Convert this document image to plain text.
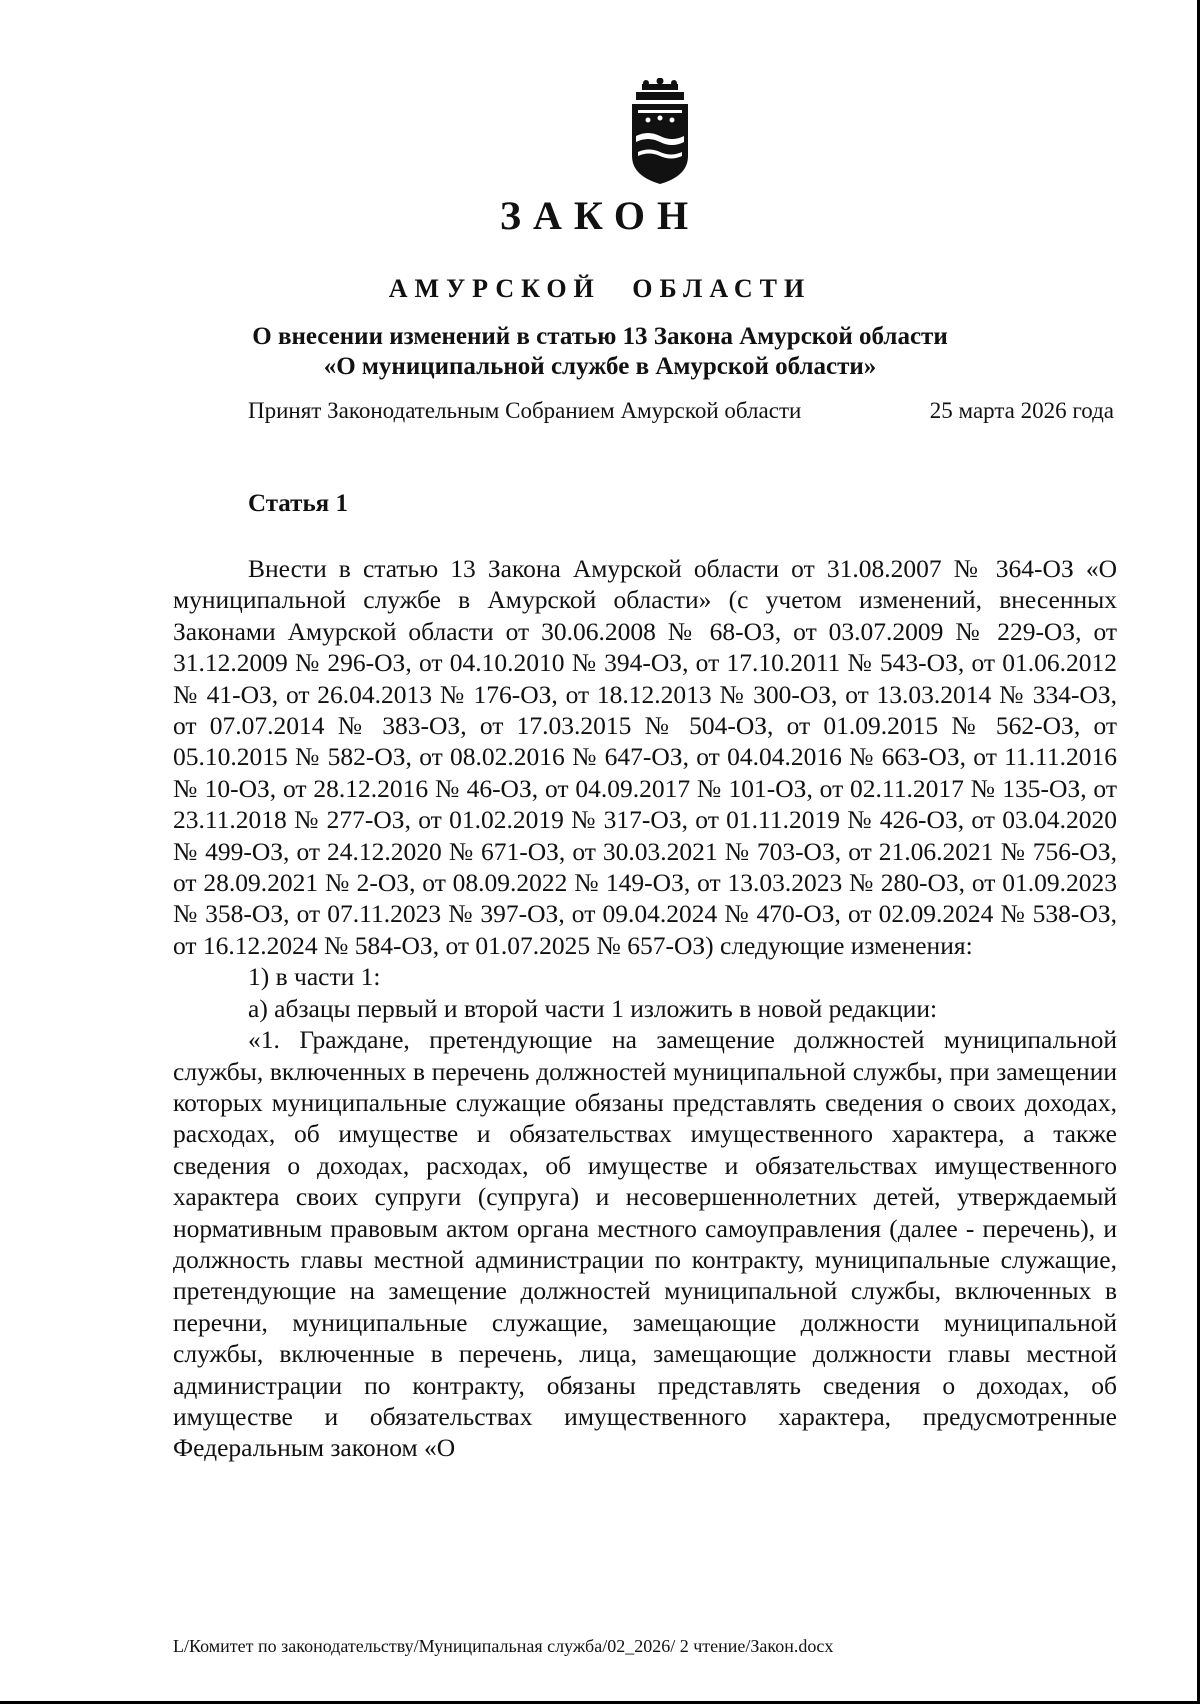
ЗАКОН
АМУРСКОЙ ОБЛАСТИ
О внесении изменений в статью 13 Закона Амурской области
«О муниципальной службе в Амурской области»
Принят Законодательным Собранием Амурской области	25 марта 2026 года
Статья 1

Внести в статью 13 Закона Амурской области от 31.08.2007 № 364-ОЗ «О муниципальной службе в Амурской области» (с учетом изменений, внесенных Законами Амурской области от 30.06.2008 № 68-ОЗ, от 03.07.2009 № 229-ОЗ, от 31.12.2009 № 296-ОЗ, от 04.10.2010 № 394-ОЗ, от 17.10.2011 № 543-ОЗ, от 01.06.2012 № 41-ОЗ, от 26.04.2013 № 176-ОЗ, от 18.12.2013 № 300-ОЗ, от 13.03.2014 № 334-ОЗ, от 07.07.2014 № 383-ОЗ, от 17.03.2015 № 504-ОЗ, от 01.09.2015 № 562-ОЗ, от 05.10.2015 № 582-ОЗ, от 08.02.2016 № 647-ОЗ, от 04.04.2016 № 663-ОЗ, от 11.11.2016 № 10-ОЗ, от 28.12.2016 № 46-ОЗ, от 04.09.2017 № 101-ОЗ, от 02.11.2017 № 135-ОЗ, от 23.11.2018 № 277-ОЗ, от 01.02.2019 № 317-ОЗ, от 01.11.2019 № 426-ОЗ, от 03.04.2020 № 499-ОЗ, от 24.12.2020 № 671-ОЗ, от 30.03.2021 № 703-ОЗ, от 21.06.2021 № 756-ОЗ, от 28.09.2021 № 2-ОЗ, от 08.09.2022 № 149-ОЗ, от 13.03.2023 № 280-ОЗ, от 01.09.2023 № 358-ОЗ, от 07.11.2023 № 397-ОЗ, от 09.04.2024 № 470-ОЗ, от 02.09.2024 № 538-ОЗ, от 16.12.2024 № 584-ОЗ, от 01.07.2025 № 657-ОЗ) следующие изменения:

1) в части 1:

а) абзацы первый и второй части 1 изложить в новой редакции:

«1. Граждане, претендующие на замещение должностей муниципальной службы, включенных в перечень должностей муниципальной службы, при замещении которых муниципальные служащие обязаны представлять сведения о своих доходах, расходах, об имуществе и обязательствах имущественного характера, а также сведения о доходах, расходах, об имуществе и обязательствах имущественного характера своих супруги (супруга) и несовершеннолетних детей, утверждаемый нормативным правовым актом органа местного самоуправления (далее - перечень), и должность главы местной администрации по контракту, муниципальные служащие, претендующие на замещение должностей муниципальной службы, включенных в перечни, муниципальные служащие, замещающие должности муниципальной службы, включенные в перечень, лица, замещающие должности главы местной администрации по контракту, обязаны представлять сведения о доходах, об имуществе и обязательствах имущественного характера, предусмотренные Федеральным законом «О

L/Комитет по законодательству/Муниципальная служба/02_2026/ 2 чтение/Закон.docx
